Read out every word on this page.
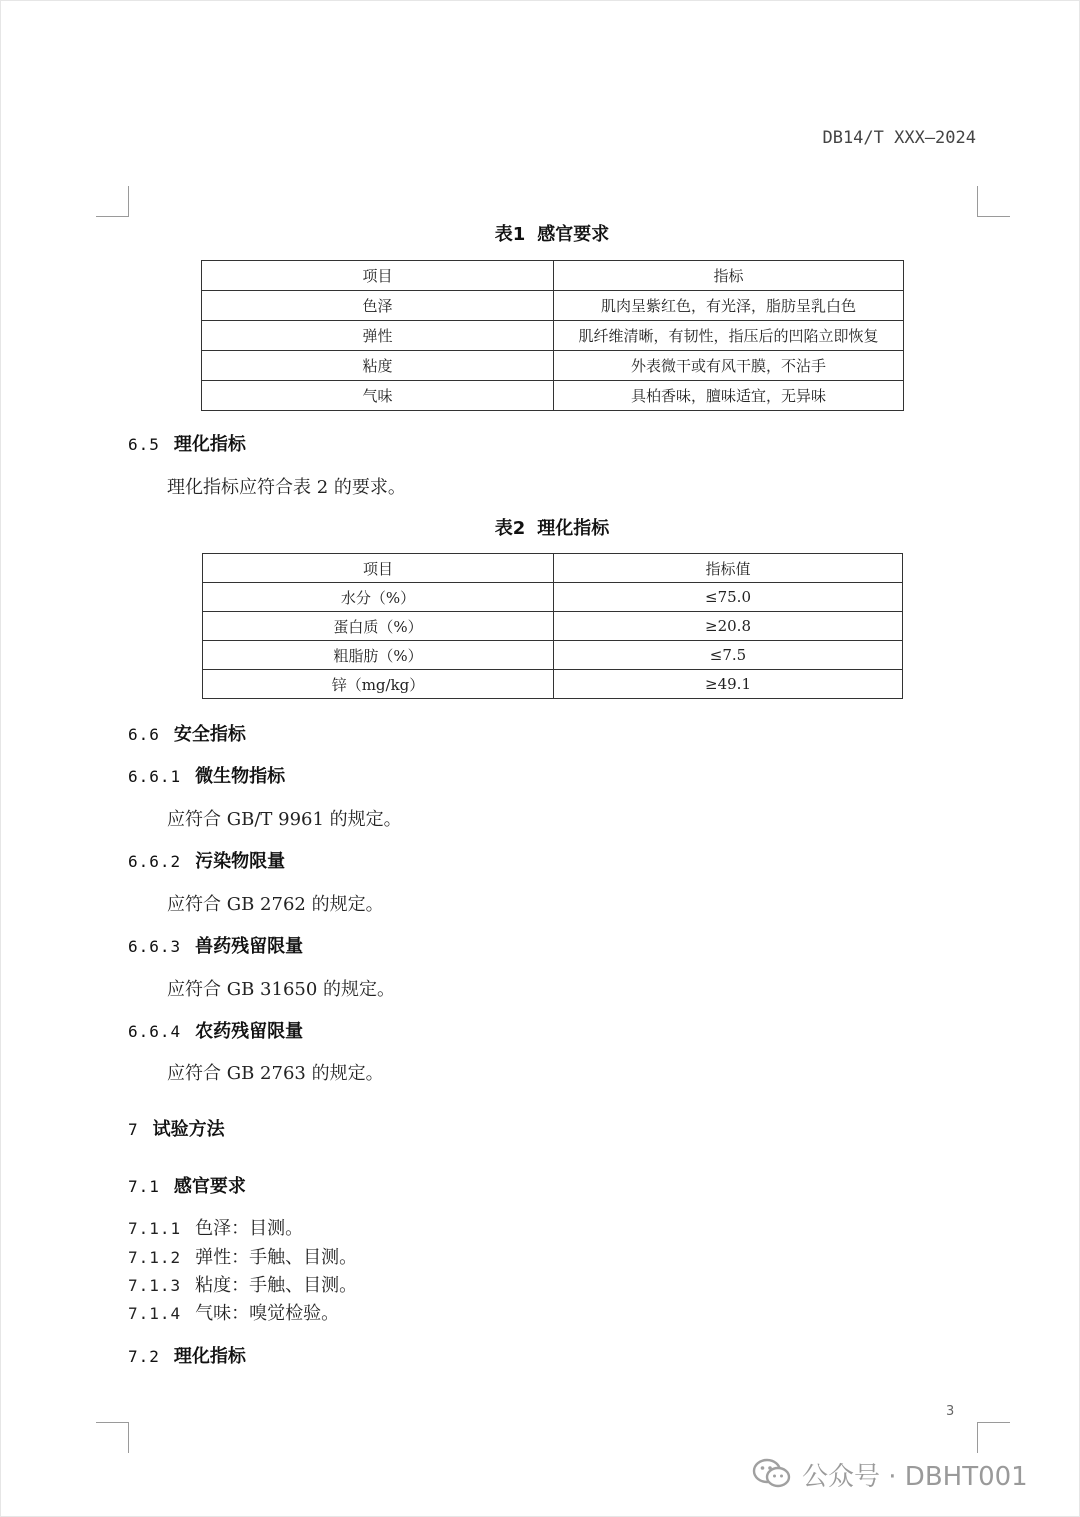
DB14/T XXX—2024
表1 感官要求
项目	指标
色泽	肌肉呈紫红色，有光泽，脂肪呈乳白色
弹性	肌纤维清晰，有韧性，指压后的凹陷立即恢复
粘度	外表微干或有风干膜，不沾手
气味	具柏香味，膻味适宜，无异味
6.5 理化指标
理化指标应符合表 2 的要求。
表2 理化指标
项目	指标值
水分（%）	≤75.0
蛋白质（%）	≥20.8
粗脂肪（%）	≤7.5
锌（mg/kg）	≥49.1
6.6 安全指标
6.6.1 微生物指标
应符合 GB/T 9961 的规定。
6.6.2 污染物限量
应符合 GB 2762 的规定。
6.6.3 兽药残留限量
应符合 GB 31650 的规定。
6.6.4 农药残留限量
应符合 GB 2763 的规定。
7 试验方法
7.1 感官要求
7.1.1 色泽：目测。
7.1.2 弹性：手触、目测。
7.1.3 粘度：手触、目测。
7.1.4 气味：嗅觉检验。
7.2 理化指标
3
公众号 · DBHT001
